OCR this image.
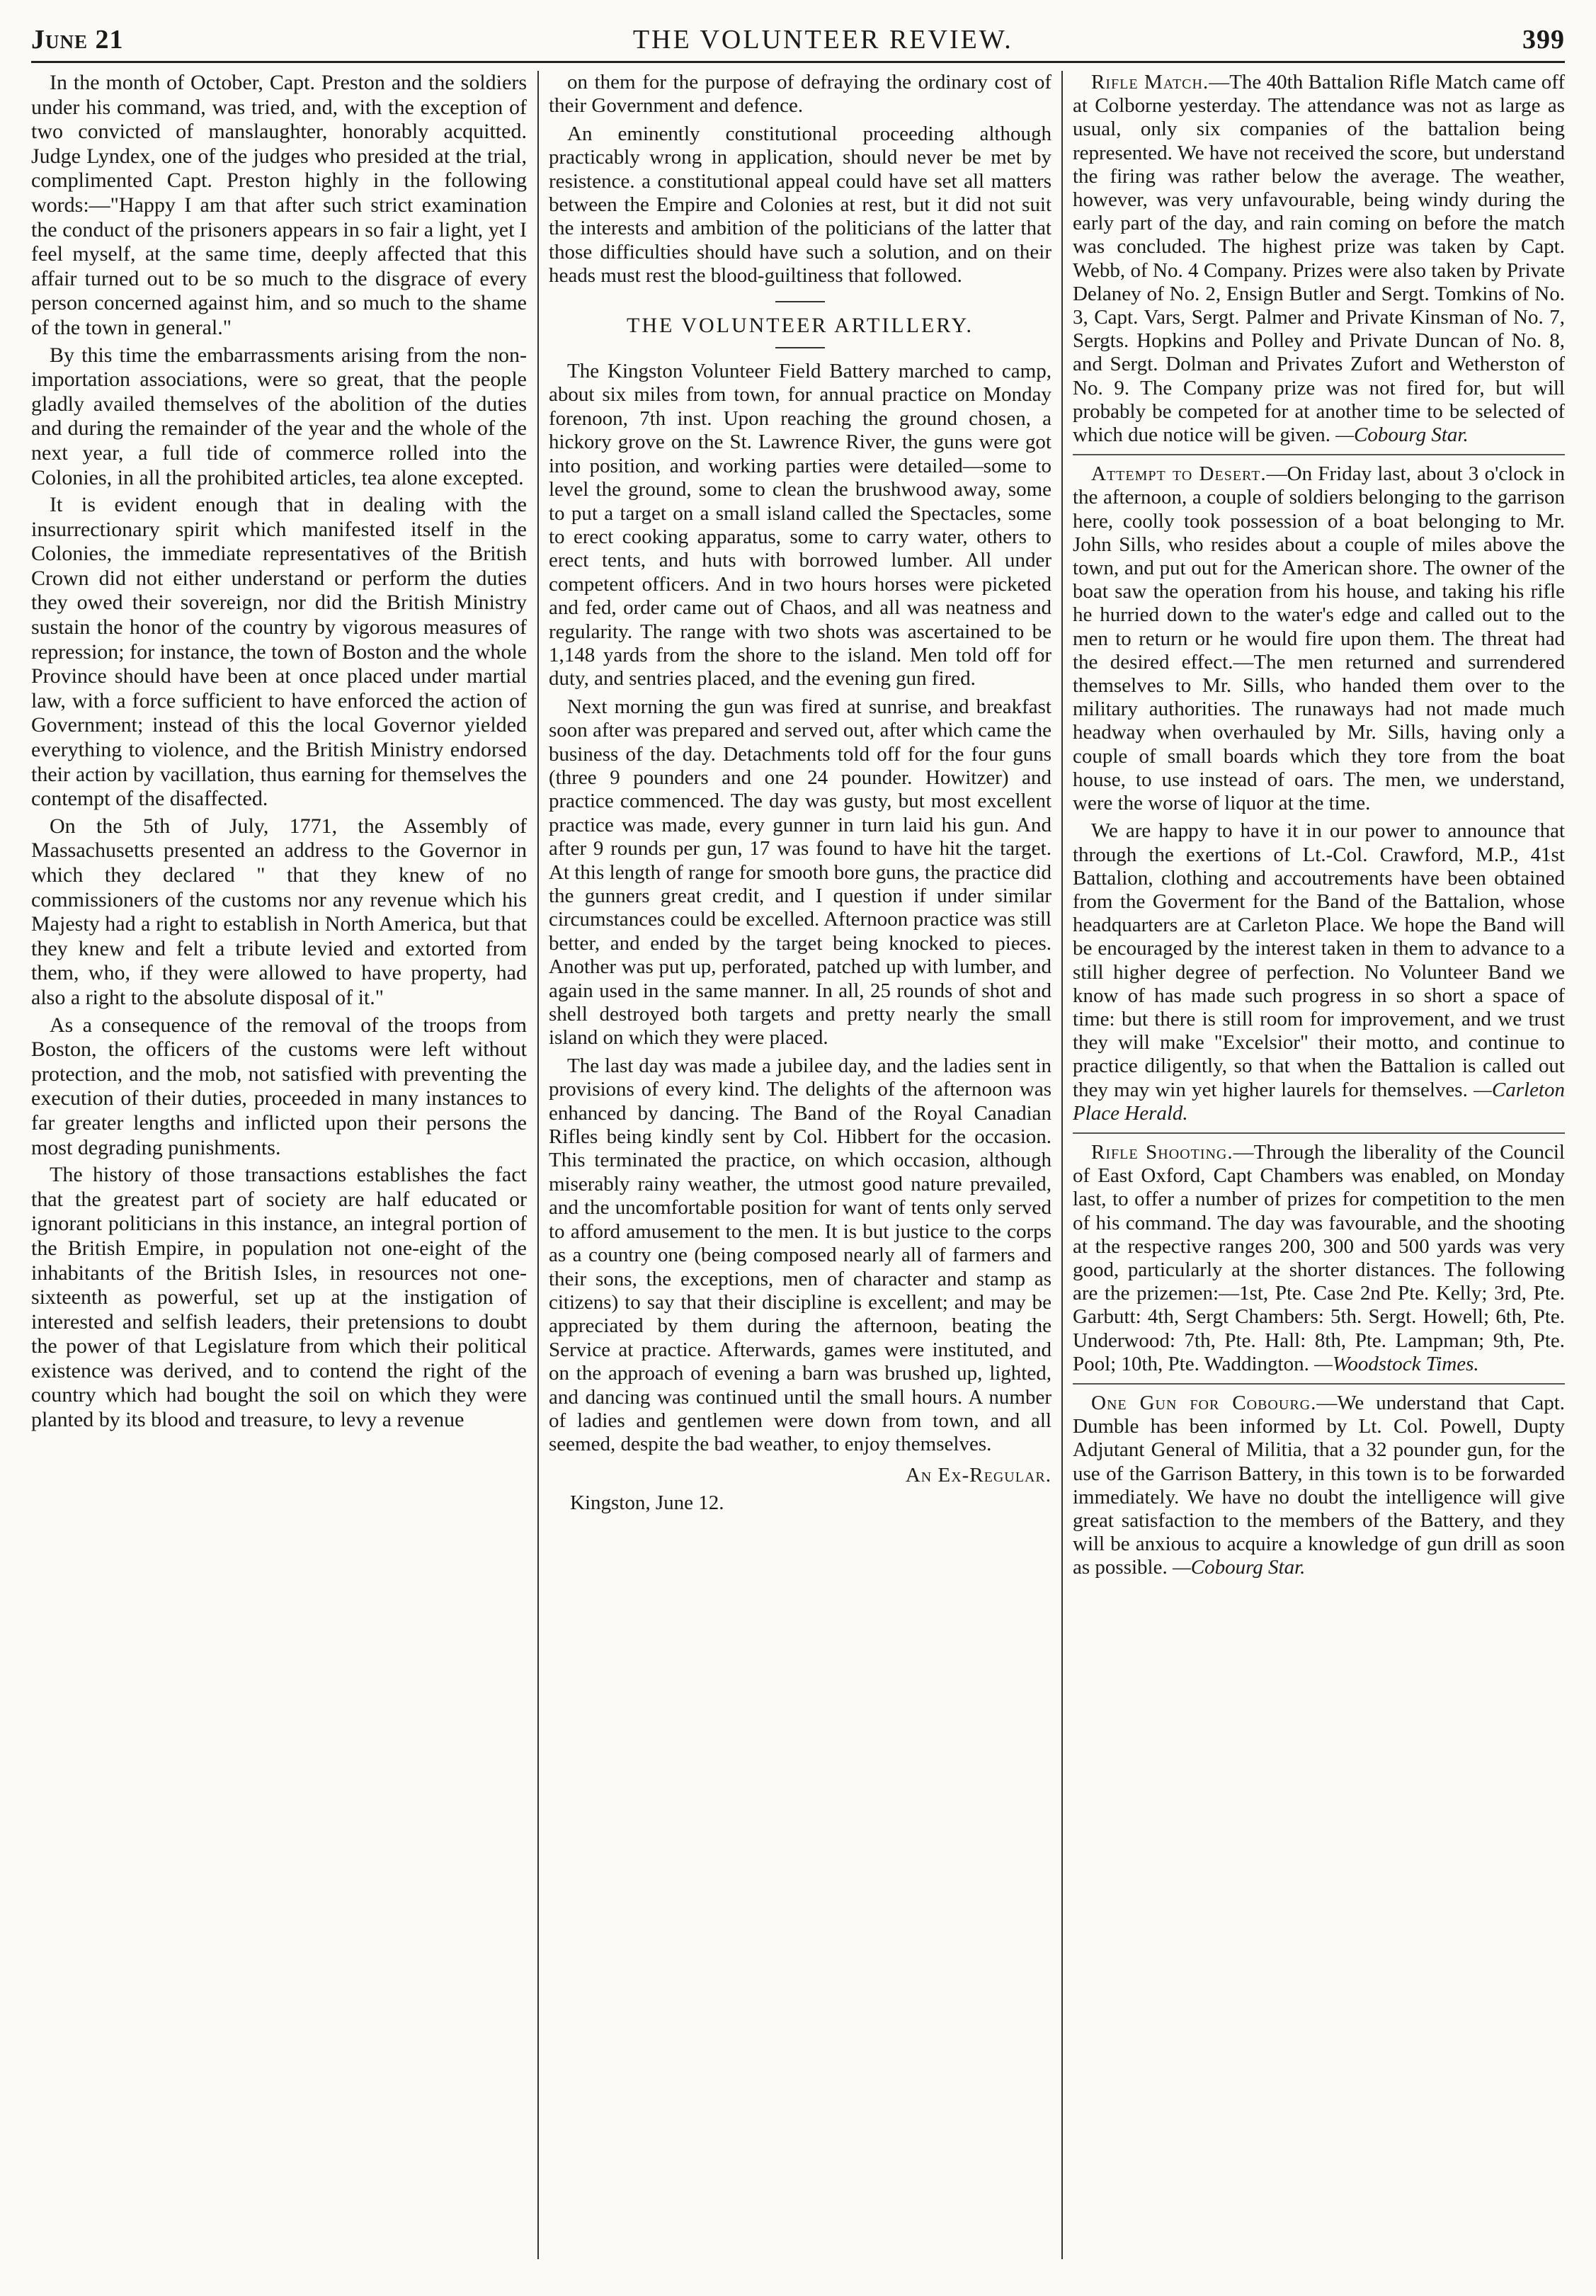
June 21	THE VOLUNTEER REVIEW.	399

In the month of October, Capt. Preston and the soldiers under his command, was tried, and, with the exception of two convicted of manslaughter, honorably acquitted. Judge Lyndex, one of the judges who presided at the trial, complimented Capt. Preston highly in the following words:—"Happy I am that after such strict examination the conduct of the prisoners appears in so fair a light, yet I feel myself, at the same time, deeply affected that this affair turned out to be so much to the disgrace of every person concerned against him, and so much to the shame of the town in general."

By this time the embarrassments arising from the non-importation associations, were so great, that the people gladly availed themselves of the abolition of the duties and during the remainder of the year and the whole of the next year, a full tide of commerce rolled into the Colonies, in all the prohibited articles, tea alone excepted.

It is evident enough that in dealing with the insurrectionary spirit which manifested itself in the Colonies, the immediate representatives of the British Crown did not either understand or perform the duties they owed their sovereign, nor did the British Ministry sustain the honor of the country by vigorous measures of repression; for instance, the town of Boston and the whole Province should have been at once placed under martial law, with a force sufficient to have enforced the action of Government; instead of this the local Governor yielded everything to violence, and the British Ministry endorsed their action by vacillation, thus earning for themselves the contempt of the disaffected.

On the 5th of July, 1771, the Assembly of Massachusetts presented an address to the Governor in which they declared " that they knew of no commissioners of the customs nor any revenue which his Majesty had a right to establish in North America, but that they knew and felt a tribute levied and extorted from them, who, if they were allowed to have property, had also a right to the absolute disposal of it."

As a consequence of the removal of the troops from Boston, the officers of the customs were left without protection, and the mob, not satisfied with preventing the execution of their duties, proceeded in many instances to far greater lengths and inflicted upon their persons the most degrading punishments.

The history of those transactions establishes the fact that the greatest part of society are half educated or ignorant politicians in this instance, an integral portion of the British Empire, in population not one-eight of the inhabitants of the British Isles, in resources not one-sixteenth as powerful, set up at the instigation of interested and selfish leaders, their pretensions to doubt the power of that Legislature from which their political existence was derived, and to contend the right of the country which had bought the soil on which they were planted by its blood and treasure, to levy a revenue

on them for the purpose of defraying the ordinary cost of their Government and defence.

An eminently constitutional proceeding although practicably wrong in application, should never be met by resistence. a constitutional appeal could have set all matters between the Empire and Colonies at rest, but it did not suit the interests and ambition of the politicians of the latter that those difficulties should have such a solution, and on their heads must rest the blood-guiltiness that followed.

THE VOLUNTEER ARTILLERY.

The Kingston Volunteer Field Battery marched to camp, about six miles from town, for annual practice on Monday forenoon, 7th inst. Upon reaching the ground chosen, a hickory grove on the St. Lawrence River, the guns were got into position, and working parties were detailed—some to level the ground, some to clean the brushwood away, some to put a target on a small island called the Spectacles, some to erect cooking apparatus, some to carry water, others to erect tents, and huts with borrowed lumber. All under competent officers. And in two hours horses were picketed and fed, order came out of Chaos, and all was neatness and regularity. The range with two shots was ascertained to be 1,148 yards from the shore to the island. Men told off for duty, and sentries placed, and the evening gun fired.

Next morning the gun was fired at sunrise, and breakfast soon after was prepared and served out, after which came the business of the day. Detachments told off for the four guns (three 9 pounders and one 24 pounder. Howitzer) and practice commenced. The day was gusty, but most excellent practice was made, every gunner in turn laid his gun. And after 9 rounds per gun, 17 was found to have hit the target. At this length of range for smooth bore guns, the practice did the gunners great credit, and I question if under similar circumstances could be excelled. Afternoon practice was still better, and ended by the target being knocked to pieces. Another was put up, perforated, patched up with lumber, and again used in the same manner. In all, 25 rounds of shot and shell destroyed both targets and pretty nearly the small island on which they were placed.

The last day was made a jubilee day, and the ladies sent in provisions of every kind. The delights of the afternoon was enhanced by dancing. The Band of the Royal Canadian Rifles being kindly sent by Col. Hibbert for the occasion. This terminated the practice, on which occasion, although miserably rainy weather, the utmost good nature prevailed, and the uncomfortable position for want of tents only served to afford amusement to the men. It is but justice to the corps as a country one (being composed nearly all of farmers and their sons, the exceptions, men of character and stamp as citizens) to say that their discipline is excellent; and may be appreciated by them during the afternoon, beating the Service at practice. Afterwards, games were instituted, and on the approach of evening a barn was brushed up, lighted, and dancing was continued until the small hours. A number of ladies and gentlemen were down from town, and all seemed, despite the bad weather, to enjoy themselves.

An Ex-Regular.
Kingston, June 12.

Rifle Match.—The 40th Battalion Rifle Match came off at Colborne yesterday. The attendance was not as large as usual, only six companies of the battalion being represented. We have not received the score, but understand the firing was rather below the average. The weather, however, was very unfavourable, being windy during the early part of the day, and rain coming on before the match was concluded. The highest prize was taken by Capt. Webb, of No. 4 Company. Prizes were also taken by Private Delaney of No. 2, Ensign Butler and Sergt. Tomkins of No. 3, Capt. Vars, Sergt. Palmer and Private Kinsman of No. 7, Sergts. Hopkins and Polley and Private Duncan of No. 8, and Sergt. Dolman and Privates Zufort and Wetherston of No. 9. The Company prize was not fired for, but will probably be competed for at another time to be selected of which due notice will be given. —Cobourg Star.

Attempt to Desert.—On Friday last, about 3 o'clock in the afternoon, a couple of soldiers belonging to the garrison here, coolly took possession of a boat belonging to Mr. John Sills, who resides about a couple of miles above the town, and put out for the American shore. The owner of the boat saw the operation from his house, and taking his rifle he hurried down to the water's edge and called out to the men to return or he would fire upon them. The threat had the desired effect.—The men returned and surrendered themselves to Mr. Sills, who handed them over to the military authorities. The runaways had not made much headway when overhauled by Mr. Sills, having only a couple of small boards which they tore from the boat house, to use instead of oars. The men, we understand, were the worse of liquor at the time.

We are happy to have it in our power to announce that through the exertions of Lt.-Col. Crawford, M.P., 41st Battalion, clothing and accoutrements have been obtained from the Goverment for the Band of the Battalion, whose headquarters are at Carleton Place. We hope the Band will be encouraged by the interest taken in them to advance to a still higher degree of perfection. No Volunteer Band we know of has made such progress in so short a space of time: but there is still room for improvement, and we trust they will make "Excelsior" their motto, and continue to practice diligently, so that when the Battalion is called out they may win yet higher laurels for themselves. —Carleton Place Herald.

Rifle Shooting.—Through the liberality of the Council of East Oxford, Capt Chambers was enabled, on Monday last, to offer a number of prizes for competition to the men of his command. The day was favourable, and the shooting at the respective ranges 200, 300 and 500 yards was very good, particularly at the shorter distances. The following are the prizemen:—1st, Pte. Case 2nd Pte. Kelly; 3rd, Pte. Garbutt: 4th, Sergt Chambers: 5th. Sergt. Howell; 6th, Pte. Underwood: 7th, Pte. Hall: 8th, Pte. Lampman; 9th, Pte. Pool; 10th, Pte. Waddington. —Woodstock Times.

One Gun for Cobourg.—We understand that Capt. Dumble has been informed by Lt. Col. Powell, Dupty Adjutant General of Militia, that a 32 pounder gun, for the use of the Garrison Battery, in this town is to be forwarded immediately. We have no doubt the intelligence will give great satisfaction to the members of the Battery, and they will be anxious to acquire a knowledge of gun drill as soon as possible. —Cobourg Star.
